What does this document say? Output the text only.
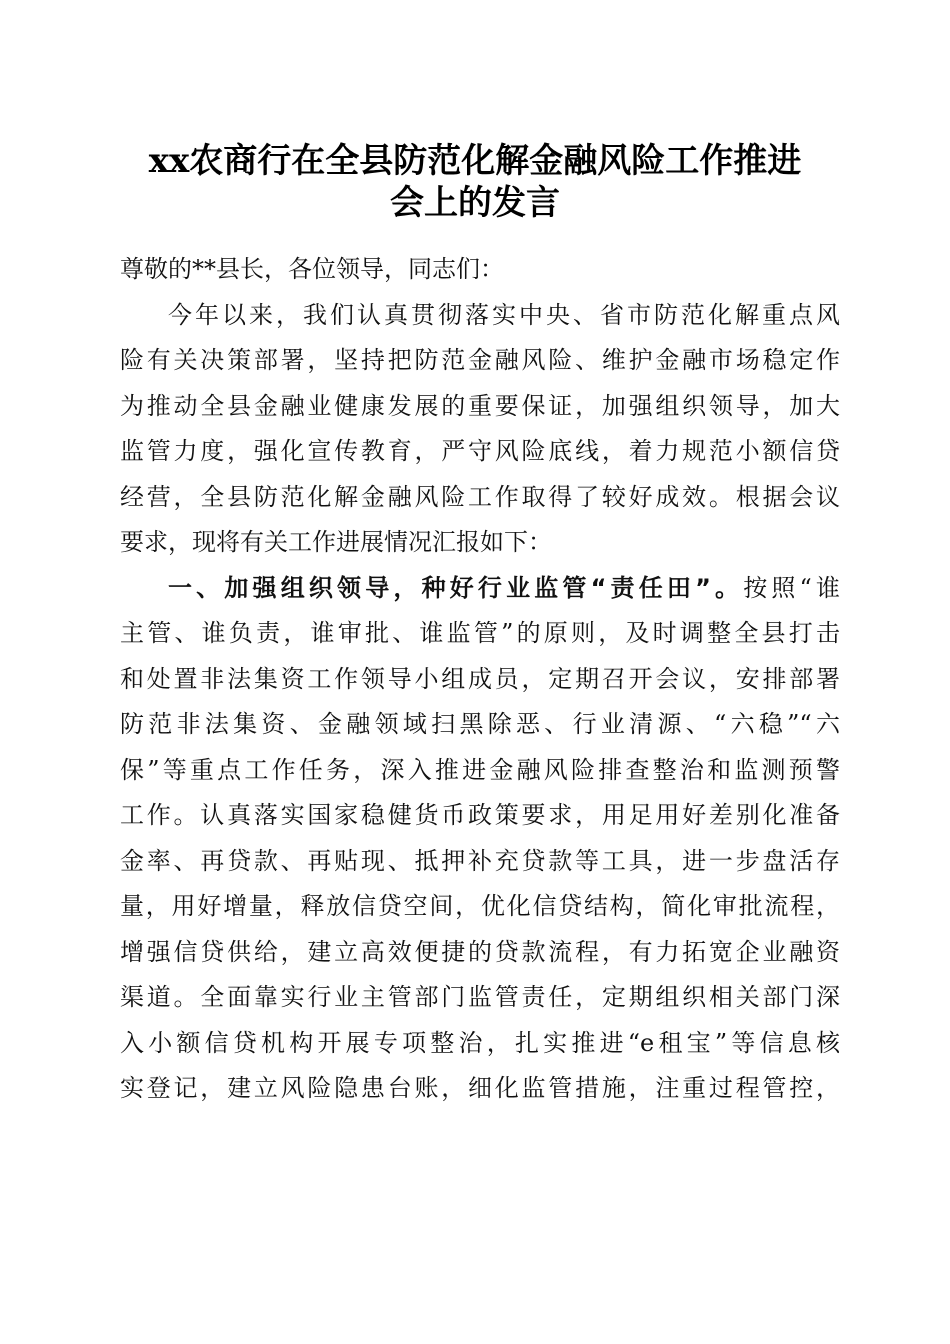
xx农商行在全县防范化解金融风险工作推进
会上的发言
尊敬的**县长，各位领导，同志们：
今年以来，我们认真贯彻落实中央、省市防范化解重点风
险有关决策部署，坚持把防范金融风险、维护金融市场稳定作
为推动全县金融业健康发展的重要保证，加强组织领导，加大
监管力度，强化宣传教育，严守风险底线，着力规范小额信贷
经营，全县防范化解金融风险工作取得了较好成效。根据会议
要求，现将有关工作进展情况汇报如下：
一、加强组织领导，种好行业监管“责任田”。按照“谁
主管、谁负责，谁审批、谁监管”的原则，及时调整全县打击
和处置非法集资工作领导小组成员，定期召开会议，安排部署
防范非法集资、金融领域扫黑除恶、行业清源、“六稳”“六
保”等重点工作任务，深入推进金融风险排查整治和监测预警
工作。认真落实国家稳健货币政策要求，用足用好差别化准备
金率、再贷款、再贴现、抵押补充贷款等工具，进一步盘活存
量，用好增量，释放信贷空间，优化信贷结构，简化审批流程，
增强信贷供给，建立高效便捷的贷款流程，有力拓宽企业融资
渠道。全面靠实行业主管部门监管责任，定期组织相关部门深
入小额信贷机构开展专项整治，扎实推进“e租宝”等信息核
实登记，建立风险隐患台账，细化监管措施，注重过程管控，
